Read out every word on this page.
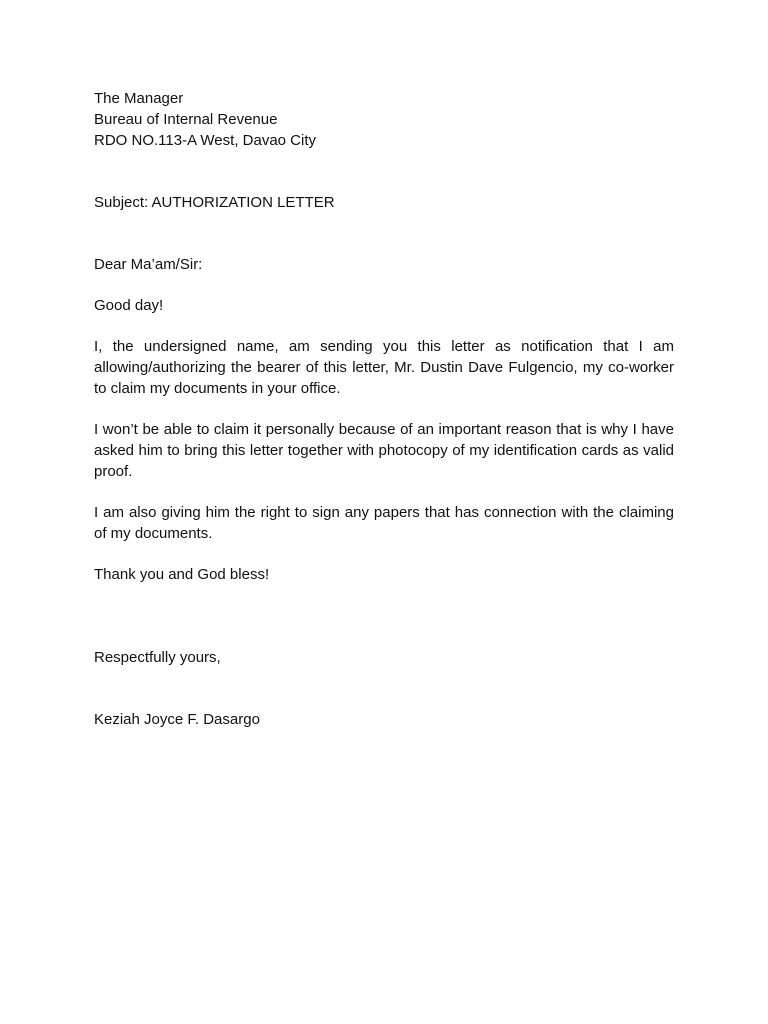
The Manager
Bureau of Internal Revenue
RDO NO.113-A West, Davao City
Subject: AUTHORIZATION LETTER
Dear Ma’am/Sir:
Good day!
I, the undersigned name, am sending you this letter as notification that I am allowing/authorizing the bearer of this letter, Mr. Dustin Dave Fulgencio, my co-worker to claim my documents in your office.
I won’t be able to claim it personally because of an important reason that is why I have asked him to bring this letter together with photocopy of my identification cards as valid proof.
I am also giving him the right to sign any papers that has connection with the claiming of my documents.
Thank you and God bless!
Respectfully yours,
Keziah Joyce F. Dasargo
